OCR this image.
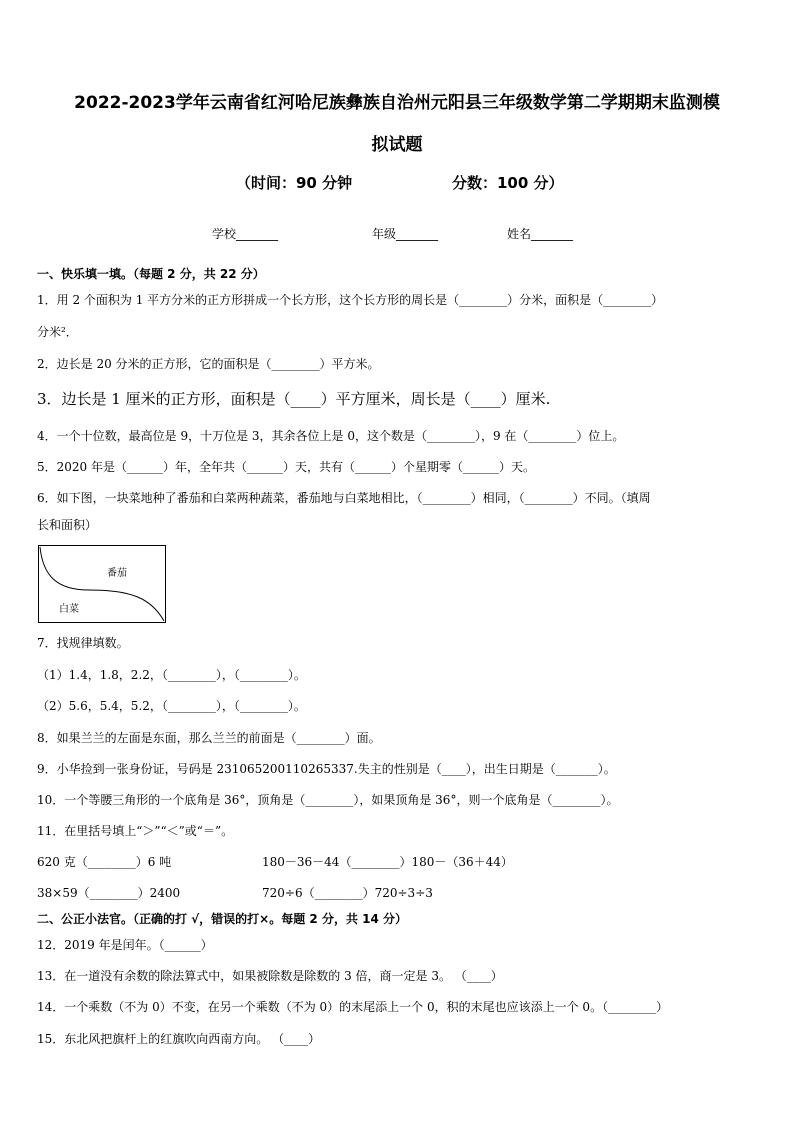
2022-2023学年云南省红河哈尼族彝族自治州元阳县三年级数学第二学期期末监测模
拟试题
（时间：90 分钟	分数：100 分）
学校_______	年级_______	姓名_______
一、快乐填一填。（每题 2 分，共 22 分）
1．用 2 个面积为 1 平方分米的正方形拼成一个长方形，这个长方形的周长是（________）分米，面积是（________）
分米²．
2．边长是 20 分米的正方形，它的面积是（________）平方米。
3．边长是 1 厘米的正方形，面积是（____）平方厘米，周长是（____）厘米.
4．一个十位数，最高位是 9，十万位是 3，其余各位上是 0，这个数是（________），9 在（________）位上。
5．2020 年是（______）年，全年共（______）天，共有（______）个星期零（______）天。
6．如下图，一块菜地种了番茄和白菜两种蔬菜，番茄地与白菜地相比，（________）相同，（________）不同。（填周
长和面积）
番茄
白菜
7．找规律填数。
（1）1.4，1.8，2.2，（________），（________）。
（2）5.6，5.4，5.2，（________），（________）。
8．如果兰兰的左面是东面，那么兰兰的前面是（________）面。
9．小华捡到一张身份证，号码是 231065200110265337.失主的性别是（____），出生日期是（_______）。
10．一个等腰三角形的一个底角是 36°，顶角是（________），如果顶角是 36°，则一个底角是（________）。
11．在里括号填上“＞”“＜”或“＝”。
620 克（________）6 吨	180－36－44（________）180－（36＋44）
38×59（________）2400	720÷6（________）720÷3÷3
二、公正小法官。（正确的打 √，错误的打×。每题 2 分，共 14 分）
12．2019 年是闰年。（______）
13．在一道没有余数的除法算式中，如果被除数是除数的 3 倍，商一定是 3。 （____）
14．一个乘数（不为 0）不变，在另一个乘数（不为 0）的末尾添上一个 0，积的末尾也应该添上一个 0。（________）
15．东北风把旗杆上的红旗吹向西南方向。 （____）
